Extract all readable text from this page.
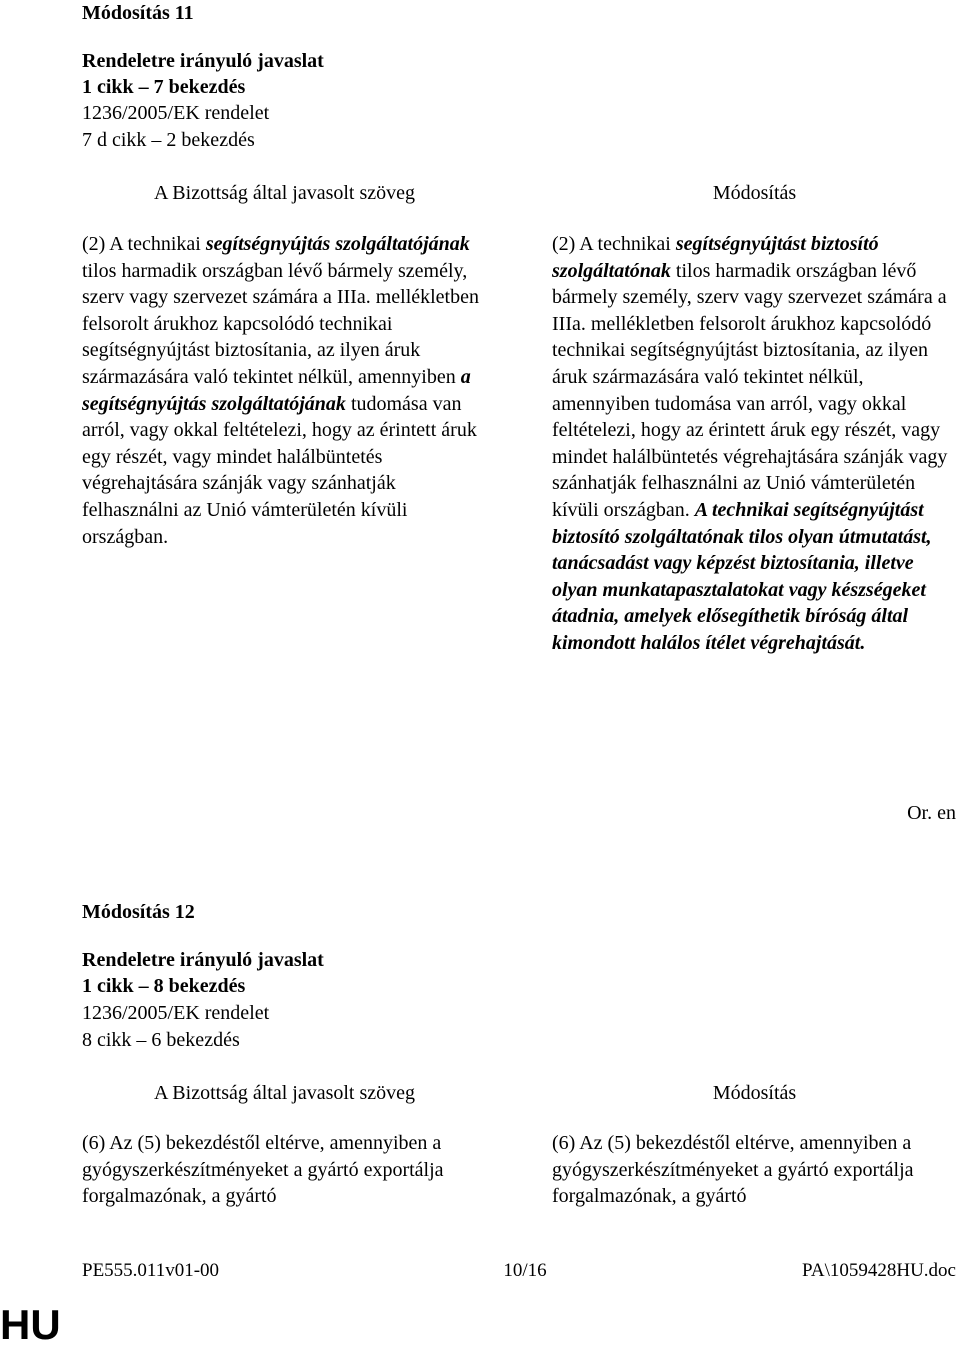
Módosítás 11
Rendeletre irányuló javaslat
1 cikk – 7 bekezdés
1236/2005/EK rendelet
7 d cikk – 2 bekezdés
A Bizottság által javasolt szöveg	Módosítás
(2) A technikai segítségnyújtás szolgáltatójának tilos harmadik országban lévő bármely személy, szerv vagy szervezet számára a IIIa. mellékletben felsorolt árukhoz kapcsolódó technikai segítségnyújtást biztosítania, az ilyen áruk származására való tekintet nélkül, amennyiben a segítségnyújtás szolgáltatójának tudomása van arról, vagy okkal feltételezi, hogy az érintett áruk egy részét, vagy mindet halálbüntetés végrehajtására szánják vagy szánhatják felhasználni az Unió vámterületén kívüli országban.
(2) A technikai segítségnyújtást biztosító szolgáltatónak tilos harmadik országban lévő bármely személy, szerv vagy szervezet számára a IIIa. mellékletben felsorolt árukhoz kapcsolódó technikai segítségnyújtást biztosítania, az ilyen áruk származására való tekintet nélkül, amennyiben tudomása van arról, vagy okkal feltételezi, hogy az érintett áruk egy részét, vagy mindet halálbüntetés végrehajtására szánják vagy szánhatják felhasználni az Unió vámterületén kívüli országban. A technikai segítségnyújtást biztosító szolgáltatónak tilos olyan útmutatást, tanácsadást vagy képzést biztosítania, illetve olyan munkatapasztalatokat vagy készségeket átadnia, amelyek elősegíthetik bíróság által kimondott halálos ítélet végrehajtását.
Or. en
Módosítás 12
Rendeletre irányuló javaslat
1 cikk – 8 bekezdés
1236/2005/EK rendelet
8 cikk – 6 bekezdés
A Bizottság által javasolt szöveg	Módosítás
(6) Az (5) bekezdéstől eltérve, amennyiben a gyógyszerkészítményeket a gyártó exportálja forgalmazónak, a gyártó
(6) Az (5) bekezdéstől eltérve, amennyiben a gyógyszerkészítményeket a gyártó exportálja forgalmazónak, a gyártó
PE555.011v01-00	10/16	PA\1059428HU.doc
HU
